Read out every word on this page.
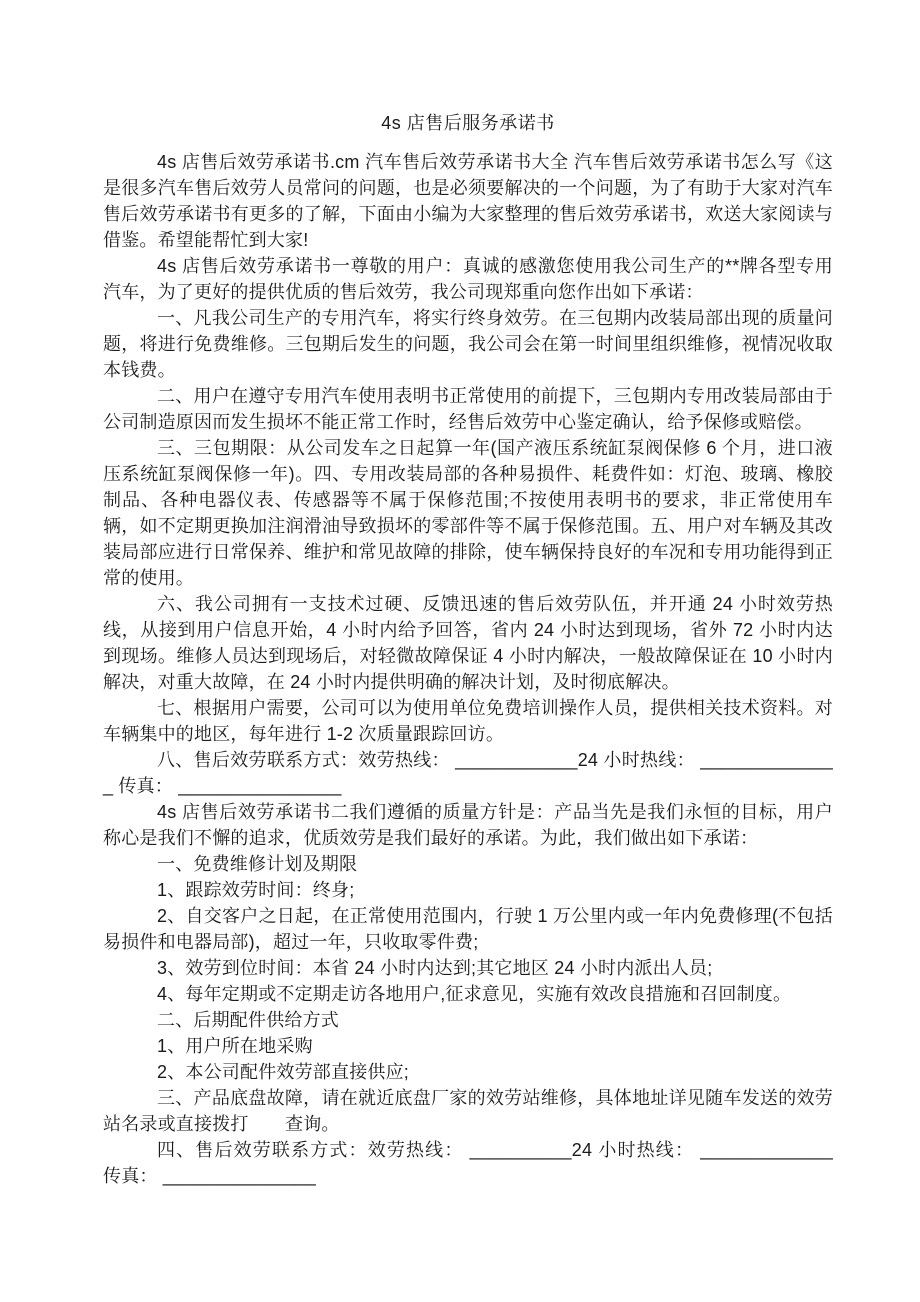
4s 店售后服务承诺书

4s 店售后效劳承诺书.cm 汽车售后效劳承诺书大全 汽车售后效劳承诺书怎么写《这是很多汽车售后效劳人员常问的问题，也是必须要解决的一个问题，为了有助于大家对汽车售后效劳承诺书有更多的了解，下面由小编为大家整理的售后效劳承诺书，欢送大家阅读与借鉴。希望能帮忙到大家!

4s 店售后效劳承诺书一尊敬的用户：真诚的感激您使用我公司生产的**牌各型专用汽车，为了更好的提供优质的售后效劳，我公司现郑重向您作出如下承诺：

一、凡我公司生产的专用汽车，将实行终身效劳。在三包期内改装局部出现的质量问题，将进行免费维修。三包期后发生的问题，我公司会在第一时间里组织维修，视情况收取本钱费。

二、用户在遵守专用汽车使用表明书正常使用的前提下，三包期内专用改装局部由于公司制造原因而发生损坏不能正常工作时，经售后效劳中心鉴定确认，给予保修或赔偿。

三、三包期限：从公司发车之日起算一年(国产液压系统缸泵阀保修 6 个月，进口液压系统缸泵阀保修一年)。四、专用改装局部的各种易损件、耗费件如：灯泡、玻璃、橡胶制品、各种电器仪表、传感器等不属于保修范围;不按使用表明书的要求，非正常使用车辆，如不定期更换加注润滑油导致损坏的零部件等不属于保修范围。五、用户对车辆及其改装局部应进行日常保养、维护和常见故障的排除，使车辆保持良好的车况和专用功能得到正常的使用。

六、我公司拥有一支技术过硬、反馈迅速的售后效劳队伍，并开通 24 小时效劳热线，从接到用户信息开始，4 小时内给予回答，省内 24 小时达到现场，省外 72 小时内达到现场。维修人员达到现场后，对轻微故障保证 4 小时内解决，一般故障保证在 10 小时内解决，对重大故障，在 24 小时内提供明确的解决计划，及时彻底解决。

七、根据用户需要，公司可以为使用单位免费培训操作人员，提供相关技术资料。对车辆集中的地区，每年进行 1-2 次质量跟踪回访。

八、售后效劳联系方式：效劳热线： ____________24 小时热线： ______________ 传真： ________________

4s 店售后效劳承诺书二我们遵循的质量方针是：产品当先是我们永恒的目标，用户称心是我们不懈的追求，优质效劳是我们最好的承诺。为此，我们做出如下承诺：

一、免费维修计划及期限

1、跟踪效劳时间：终身;

2、自交客户之日起，在正常使用范围内，行驶 1 万公里内或一年内免费修理(不包括易损件和电器局部)，超过一年，只收取零件费;

3、效劳到位时间：本省 24 小时内达到;其它地区 24 小时内派出人员;

4、每年定期或不定期走访各地用户,征求意见，实施有效改良措施和召回制度。

二、后期配件供给方式

1、用户所在地采购

2、本公司配件效劳部直接供应;

三、产品底盘故障，请在就近底盘厂家的效劳站维修，具体地址详见随车发送的效劳站名录或直接拨打　　查询。

四、售后效劳联系方式：效劳热线： __________24 小时热线： _____________ 传真： _______________
